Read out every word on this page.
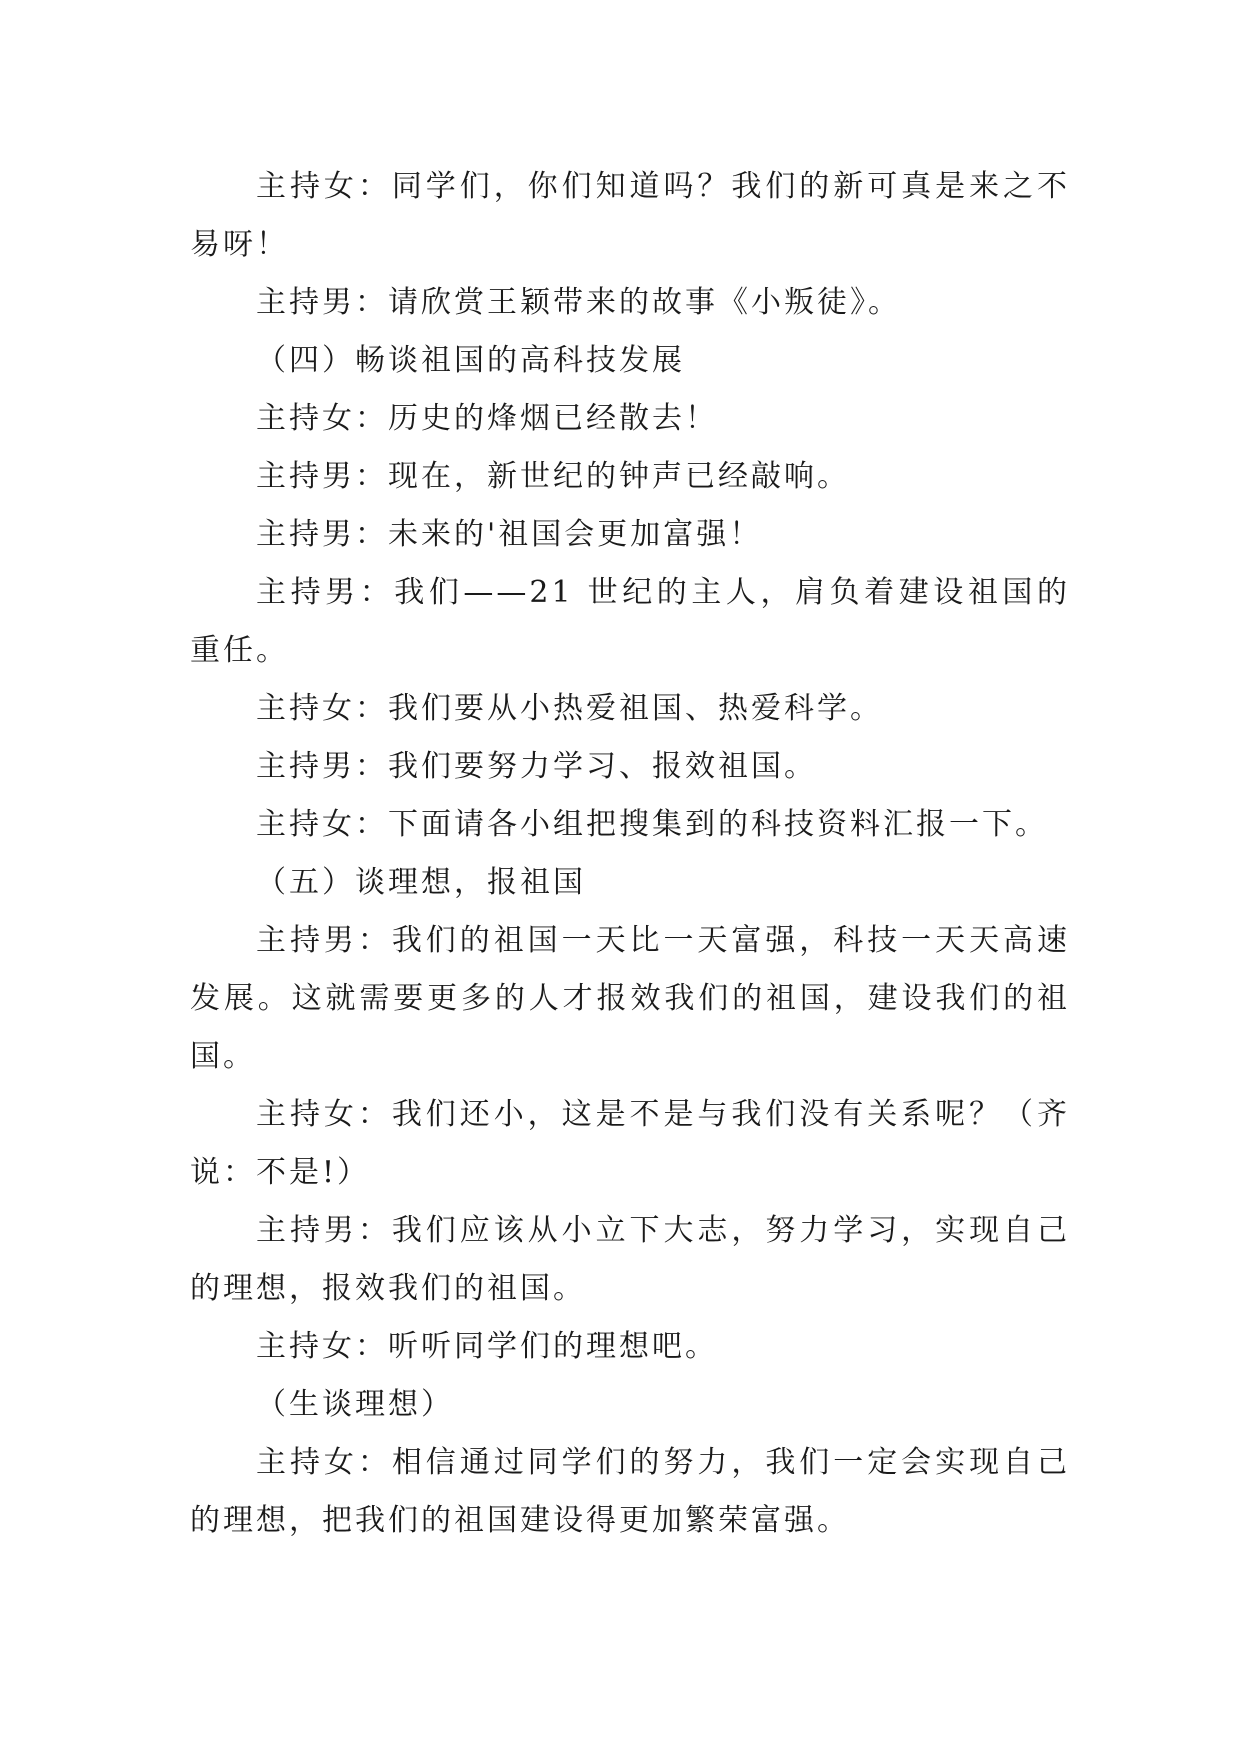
主持女：同学们，你们知道吗？我们的新可真是来之不易呀！

主持男：请欣赏王颖带来的故事《小叛徒》。

（四）畅谈祖国的高科技发展

主持女：历史的烽烟已经散去！

主持男：现在，新世纪的钟声已经敲响。

主持男：未来的'祖国会更加富强！

主持男：我们——21 世纪的主人，肩负着建设祖国的重任。

主持女：我们要从小热爱祖国、热爱科学。

主持男：我们要努力学习、报效祖国。

主持女：下面请各小组把搜集到的科技资料汇报一下。

（五）谈理想，报祖国

主持男：我们的祖国一天比一天富强，科技一天天高速发展。这就需要更多的人才报效我们的祖国，建设我们的祖国。

主持女：我们还小，这是不是与我们没有关系呢？（齐说：不是!）

主持男：我们应该从小立下大志，努力学习，实现自己的理想，报效我们的祖国。

主持女：听听同学们的理想吧。

（生谈理想）

主持女：相信通过同学们的努力，我们一定会实现自己的理想，把我们的祖国建设得更加繁荣富强。
